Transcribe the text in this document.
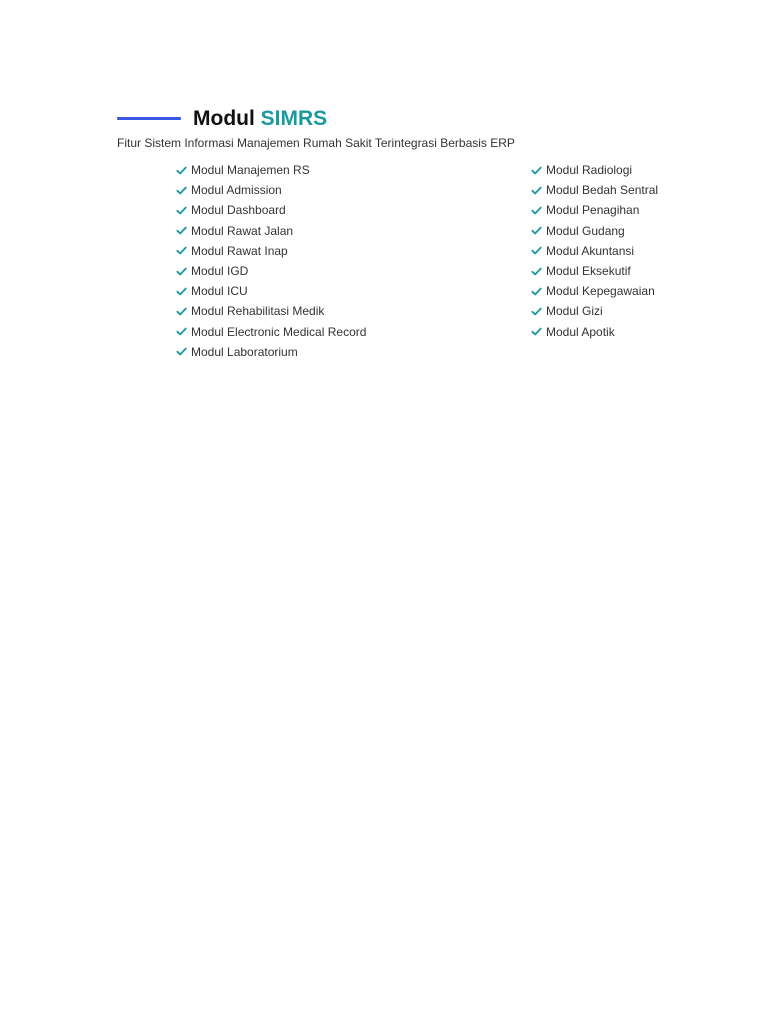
Modul SIMRS

Fitur Sistem Informasi Manajemen Rumah Sakit Terintegrasi Berbasis ERP

Modul Manajemen RS
Modul Admission
Modul Dashboard
Modul Rawat Jalan
Modul Rawat Inap
Modul IGD
Modul ICU
Modul Rehabilitasi Medik
Modul Electronic Medical Record
Modul Laboratorium
Modul Radiologi
Modul Bedah Sentral
Modul Penagihan
Modul Gudang
Modul Akuntansi
Modul Eksekutif
Modul Kepegawaian
Modul Gizi
Modul Apotik
